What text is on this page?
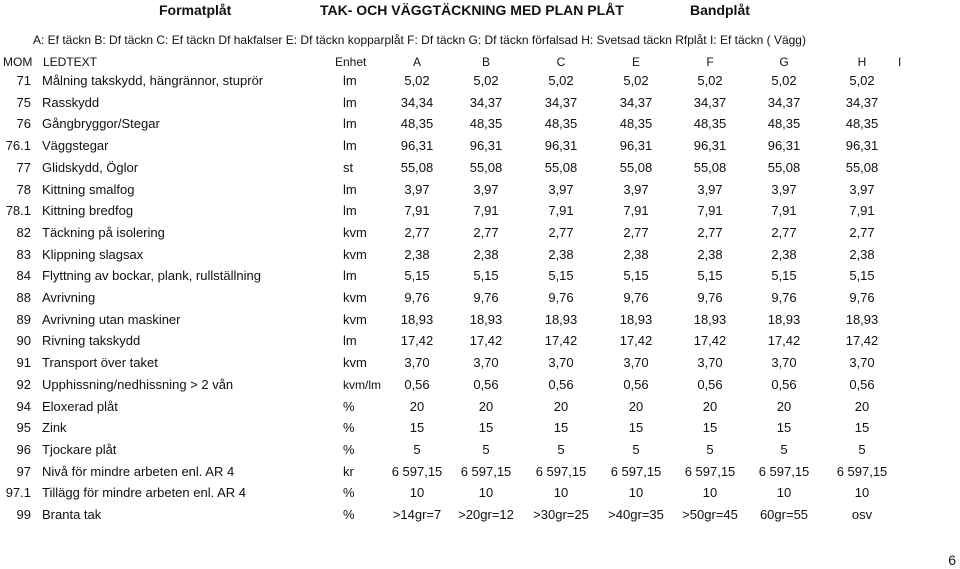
Formatplåt	TAK- OCH VÄGGTÄCKNING MED PLAN PLÅT	Bandplåt
A: Ef täckn B: Df täckn C: Ef täckn Df hakfalser E: Df täckn kopparplåt F: Df täckn G: Df täckn förfalsad H: Svetsad täckn Rfplåt I: Ef täckn ( Vägg)
MOM LEDTEXT	Enhet	A	B	C	E	F	G	H	I
71 Målning takskydd, hängrännor, stuprör	lm	5,02	5,02	5,02	5,02	5,02	5,02	5,02
75 Rasskydd	lm	34,34	34,37	34,37	34,37	34,37	34,37	34,37
76 Gångbryggor/Stegar	lm	48,35	48,35	48,35	48,35	48,35	48,35	48,35
76.1 Väggstegar	lm	96,31	96,31	96,31	96,31	96,31	96,31	96,31
77 Glidskydd, Öglor	st	55,08	55,08	55,08	55,08	55,08	55,08	55,08
78 Kittning smalfog	lm	3,97	3,97	3,97	3,97	3,97	3,97	3,97
78.1 Kittning bredfog	lm	7,91	7,91	7,91	7,91	7,91	7,91	7,91
82 Täckning på isolering	kvm	2,77	2,77	2,77	2,77	2,77	2,77	2,77
83 Klippning slagsax	kvm	2,38	2,38	2,38	2,38	2,38	2,38	2,38
84 Flyttning av bockar, plank, rullställning	lm	5,15	5,15	5,15	5,15	5,15	5,15	5,15
88 Avrivning	kvm	9,76	9,76	9,76	9,76	9,76	9,76	9,76
89 Avrivning utan maskiner	kvm	18,93	18,93	18,93	18,93	18,93	18,93	18,93
90 Rivning takskydd	lm	17,42	17,42	17,42	17,42	17,42	17,42	17,42
91 Transport över taket	kvm	3,70	3,70	3,70	3,70	3,70	3,70	3,70
92 Upphissning/nedhissning > 2 vån	kvm/lm	0,56	0,56	0,56	0,56	0,56	0,56	0,56
94 Eloxerad plåt	%	20	20	20	20	20	20	20
95 Zink	%	15	15	15	15	15	15	15
96 Tjockare plåt	%	5	5	5	5	5	5	5
97 Nivå för mindre arbeten enl. AR 4	kr	6 597,15	6 597,15	6 597,15	6 597,15	6 597,15	6 597,15	6 597,15
97.1 Tillägg för mindre arbeten enl. AR 4	%	10	10	10	10	10	10	10
99 Branta tak	%	>14gr=7	>20gr=12	>30gr=25	>40gr=35	>50gr=45	60gr=55	osv
6
